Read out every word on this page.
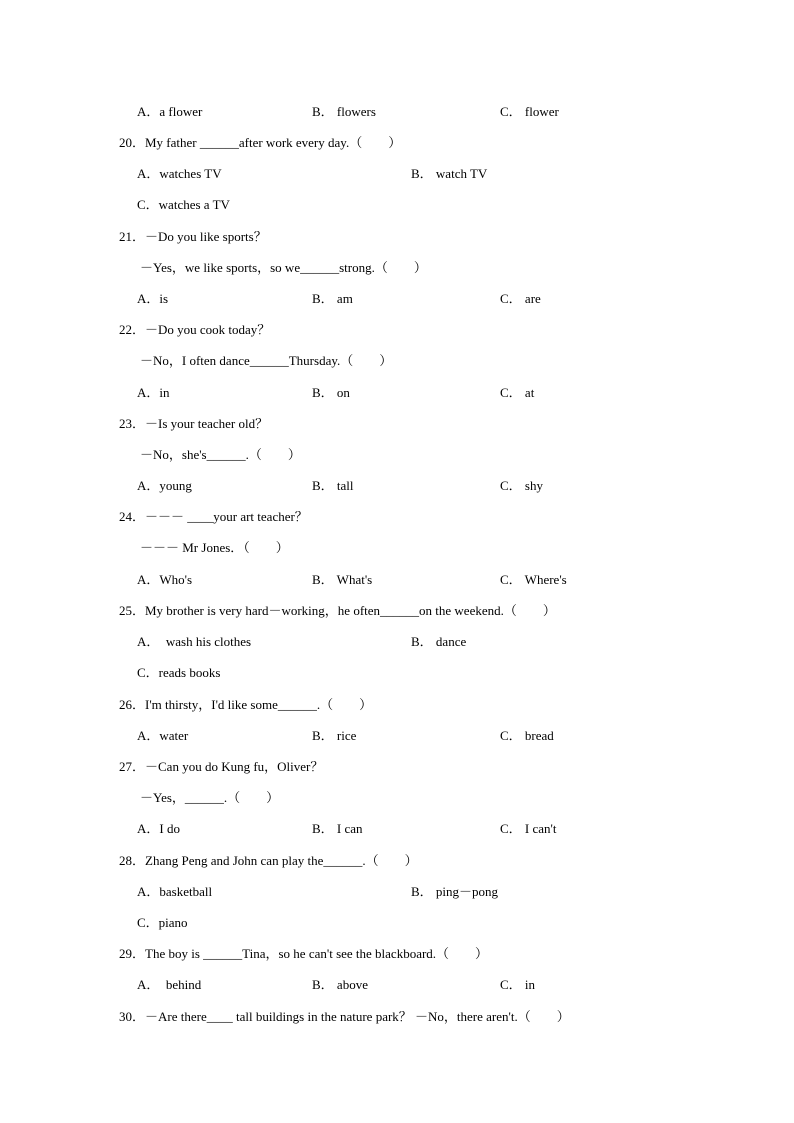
A．a flower	B． flowers	C． flower
20．My father ______after work every day.（　　）
A．watches TV	B． watch TV
C．watches a TV
21．－Do you like sports？
－Yes，we like sports，so we______strong.（　　）
A．is	B． am	C． are
22．－Do you cook today？
－No，I often dance______Thursday.（　　）
A．in	B． on	C． at
23．－Is your teacher old？
－No，she's______.（　　）
A．young	B． tall	C． shy
24．－－－ ____your art teacher？
－－－ Mr Jones．（　　）
A．Who's	B． What's	C． Where's
25．My brother is very hard－working，he often______on the weekend.（　　）
A．  wash his clothes	B． dance
C．reads books
26．I'm thirsty，I'd like some______.（　　）
A．water	B． rice	C． bread
27．－Can you do Kung fu，Oliver？
－Yes，______.（　　）
A．I do	B． I can	C． I can't
28．Zhang Peng and John can play the______.（　　）
A．basketball	B． ping－pong
C．piano
29．The boy is ______Tina，so he can't see the blackboard.（　　）
A．  behind	B． above	C． in
30．－Are there____ tall buildings in the nature park？ －No，there aren't.（　　）
